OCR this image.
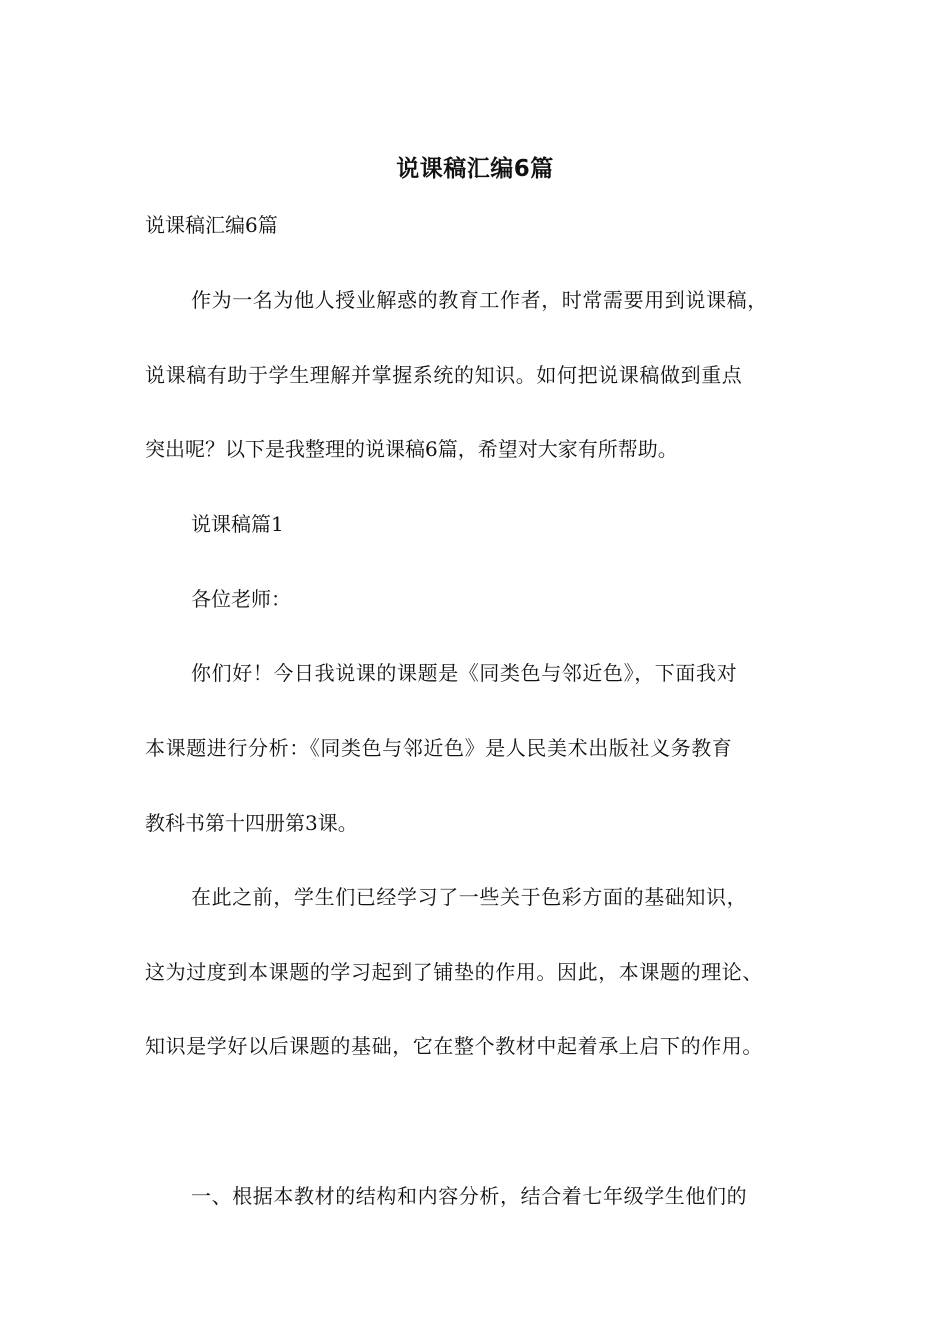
说课稿汇编6篇
说课稿汇编6篇
作为一名为他人授业解惑的教育工作者，时常需要用到说课稿，
说课稿有助于学生理解并掌握系统的知识。如何把说课稿做到重点
突出呢？以下是我整理的说课稿6篇，希望对大家有所帮助。
说课稿篇1
各位老师：
你们好！今日我说课的课题是《同类色与邻近色》，下面我对
本课题进行分析：《同类色与邻近色》是人民美术出版社义务教育
教科书第十四册第3课。
在此之前，学生们已经学习了一些关于色彩方面的基础知识，
这为过度到本课题的学习起到了铺垫的作用。因此，本课题的理论、
知识是学好以后课题的基础，它在整个教材中起着承上启下的作用。
一、根据本教材的结构和内容分析，结合着七年级学生他们的
